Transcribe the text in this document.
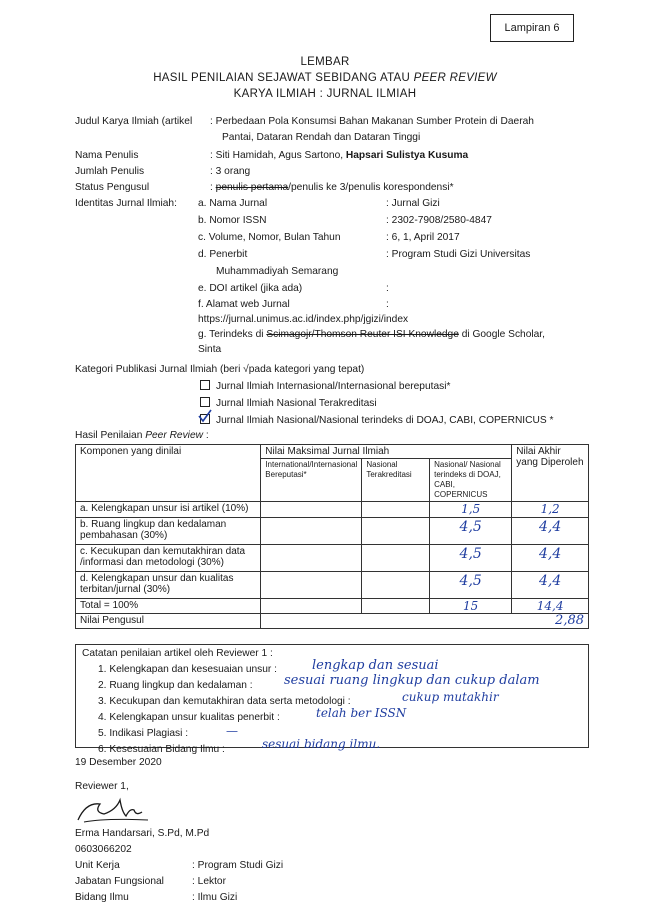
Lampiran 6
LEMBAR
HASIL PENILAIAN SEJAWAT SEBIDANG ATAU PEER REVIEW
KARYA ILMIAH : JURNAL ILMIAH
Judul Karya Ilmiah (artikel : Perbedaan Pola Konsumsi Bahan Makanan Sumber Protein di Daerah
Pantai, Dataran Rendah dan Dataran Tinggi
Nama Penulis	: Siti Hamidah, Agus Sartono, Hapsari Sulistya Kusuma
Jumlah Penulis	: 3 orang
Status Pengusul	: penulis pertama/penulis ke 3/penulis korespondensi*
Identitas Jurnal Ilmiah: a. Nama Jurnal	: Jurnal Gizi
b. Nomor ISSN	: 2302-7908/2580-4847
c. Volume, Nomor, Bulan Tahun	: 6, 1, April 2017
d. Penerbit	: Program Studi Gizi Universitas
Muhammadiyah Semarang
e. DOI artikel (jika ada)	:
f. Alamat web Jurnal	:
https://jurnal.unimus.ac.id/index.php/jgizi/index
g. Terindeks di Scimagojr/Thomson Reuter ISI Knowledge di Google Scholar,
Sinta
Kategori Publikasi Jurnal Ilmiah (beri √pada kategori yang tepat)
Jurnal Ilmiah Internasional/Internasional bereputasi*
Jurnal Ilmiah Nasional Terakreditasi
Jurnal Ilmiah Nasional/Nasional terindeks di DOAJ, CABI, COPERNICUS *
Hasil Penilaian Peer Review :
Komponen yang dinilai	Nilai Maksimal Jurnal Ilmiah			Nilai Akhir yang Diperoleh
	International/Internasional Bereputasi*	Nasional Terakreditasi	Nasional/ Nasional terindeks di DOAJ, CABI, COPERNICUS	
a. Kelengkapan unsur isi artikel (10%)			1,5	1,2
b. Ruang lingkup dan kedalaman pembahasan (30%)			4,5	4,4
c. Kecukupan dan kemutakhiran data /informasi dan metodologi (30%)			4,5	4,4
d. Kelengkapan unsur dan kualitas terbitan/jurnal (30%)			4,5	4,4
Total = 100%			15	14,4
Nilai Pengusul	2,88			
Catatan penilaian artikel oleh Reviewer 1 :
1. Kelengkapan dan kesesuaian unsur :	lengkap dan sesuai
2. Ruang lingkup dan kedalaman : sesuai ruang lingkup dan cukup dalam
3. Kecukupan dan kemutakhiran data serta metodologi :	cukup mutakhir
4. Kelengkapan unsur kualitas penerbit :	telah ber ISSN
5. Indikasi Plagiasi :	—
6. Kesesuaian Bidang Ilmu :	sesuai bidang ilmu.
19 Desember 2020
Reviewer 1,
Erma Handarsari, S.Pd, M.Pd
0603066202
Unit Kerja	: Program Studi Gizi
Jabatan Fungsional	: Lektor
Bidang Ilmu	: Ilmu Gizi
